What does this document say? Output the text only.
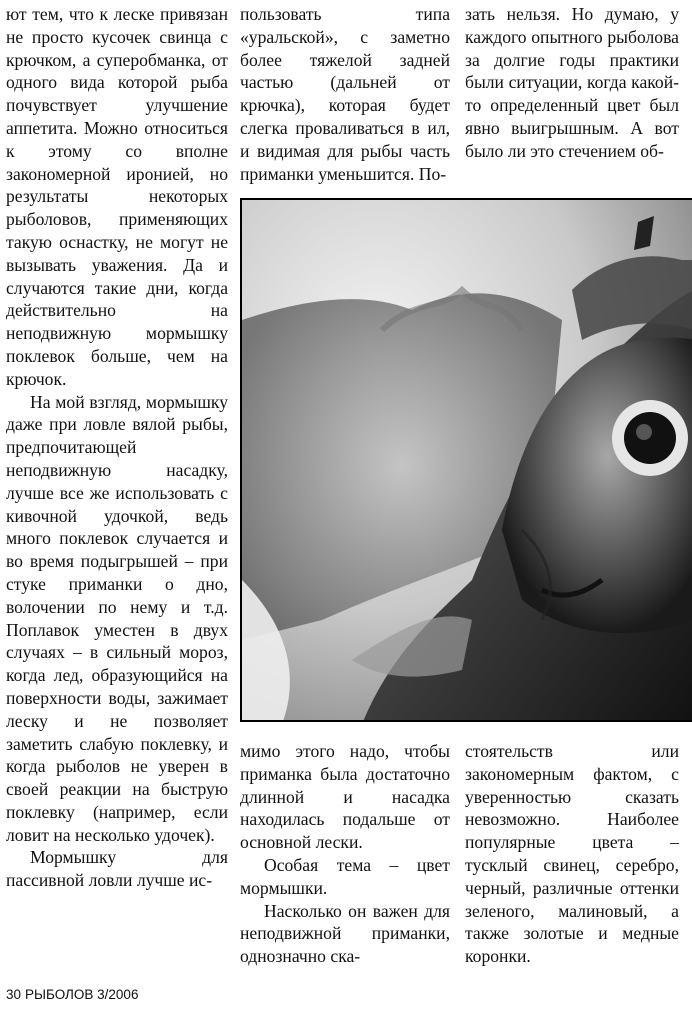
ют тем, что к леске привязан не просто кусочек свинца с крючком, а суперобманка, от одного вида которой рыба почувствует улучшение аппетита. Можно относиться к этому со вполне закономерной иронией, но результаты некоторых рыболовов, применяющих такую оснастку, не могут не вызывать уважения. Да и случаются такие дни, когда действительно на неподвижную мормышку поклевок больше, чем на крючок.

На мой взгляд, мормышку даже при ловле вялой рыбы, предпочитающей неподвижную насадку, лучше все же использовать с кивочной удочкой, ведь много поклевок случается и во время подыгрышей – при стуке приманки о дно, волочении по нему и т.д. Поплавок уместен в двух случаях – в сильный мороз, когда лед, образующийся на поверхности воды, зажимает леску и не позволяет заметить слабую поклевку, и когда рыболов не уверен в своей реакции на быструю поклевку (например, если ловит на несколько удочек).

Мормышку для пассивной ловли лучше ис-

пользовать типа «уральской», с заметно более тяжелой задней частью (дальней от крючка), которая будет слегка проваливаться в ил, и видимая для рыбы часть приманки уменьшится. По-

зать нельзя. Но думаю, у каждого опытного рыболова за долгие годы практики были ситуации, когда какой-то определенный цвет был явно выигрышным. А вот было ли это стечением об-

мимо этого надо, чтобы приманка была достаточно длинной и насадка находилась подальше от основной лески.

Особая тема – цвет мормышки.

Насколько он важен для неподвижной приманки, однозначно ска-

стоятельств или закономерным фактом, с уверенностью сказать невозможно. Наиболее популярные цвета – тусклый свинец, серебро, черный, различные оттенки зеленого, малиновый, а также золотые и медные коронки.

30 РЫБОЛОВ 3/2006
